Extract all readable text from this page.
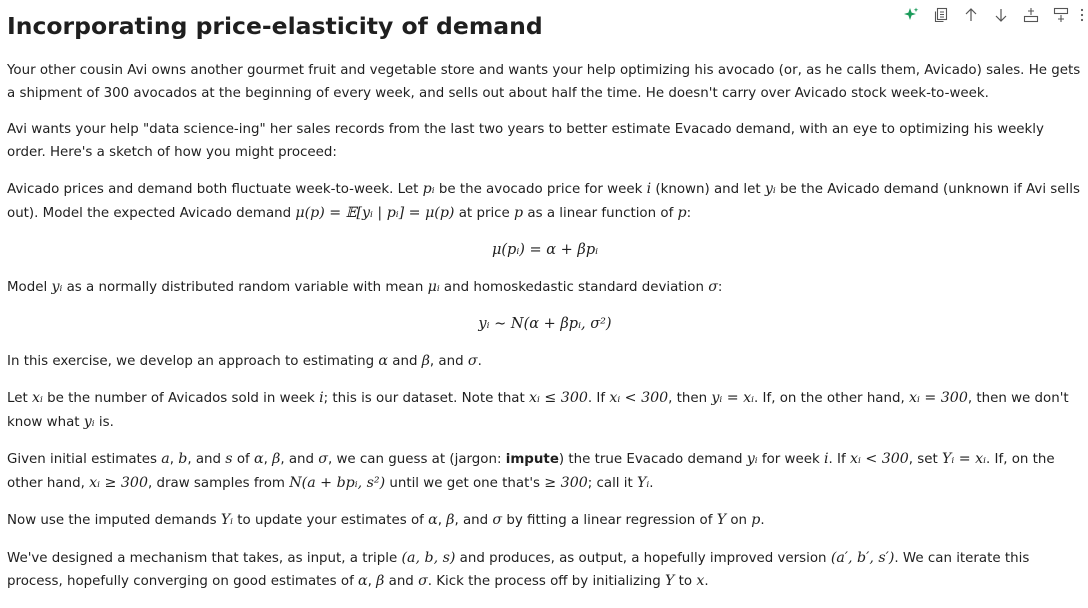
Incorporating price-elasticity of demand

Your other cousin Avi owns another gourmet fruit and vegetable store and wants your help optimizing his avocado (or, as he calls them, Avicado) sales. He gets a shipment of 300 avocados at the beginning of every week, and sells out about half the time. He doesn't carry over Avicado stock week-to-week.

Avi wants your help "data science-ing" her sales records from the last two years to better estimate Evacado demand, with an eye to optimizing his weekly order. Here's a sketch of how you might proceed:

Avicado prices and demand both fluctuate week-to-week. Let pᵢ be the avocado price for week i (known) and let yᵢ be the Avicado demand (unknown if Avi sells out). Model the expected Avicado demand μ(p) = 𝔼[yᵢ | pᵢ] = μ(p) at price p as a linear function of p:

μ(pᵢ) = α + βpᵢ

Model yᵢ as a normally distributed random variable with mean μᵢ and homoskedastic standard deviation σ:

yᵢ ∼ N(α + βpᵢ, σ²)

In this exercise, we develop an approach to estimating α and β, and σ.

Let xᵢ be the number of Avicados sold in week i; this is our dataset. Note that xᵢ ≤ 300. If xᵢ < 300, then yᵢ = xᵢ. If, on the other hand, xᵢ = 300, then we don't know what yᵢ is.

Given initial estimates a, b, and s of α, β, and σ, we can guess at (jargon: impute) the true Evacado demand yᵢ for week i. If xᵢ < 300, set Yᵢ = xᵢ. If, on the other hand, xᵢ ≥ 300, draw samples from N(a + bpᵢ, s²) until we get one that's ≥ 300; call it Yᵢ.

Now use the imputed demands Yᵢ to update your estimates of α, β, and σ by fitting a linear regression of Y on p.

We've designed a mechanism that takes, as input, a triple (a, b, s) and produces, as output, a hopefully improved version (a′, b′, s′). We can iterate this process, hopefully converging on good estimates of α, β and σ. Kick the process off by initializing Y to x.
